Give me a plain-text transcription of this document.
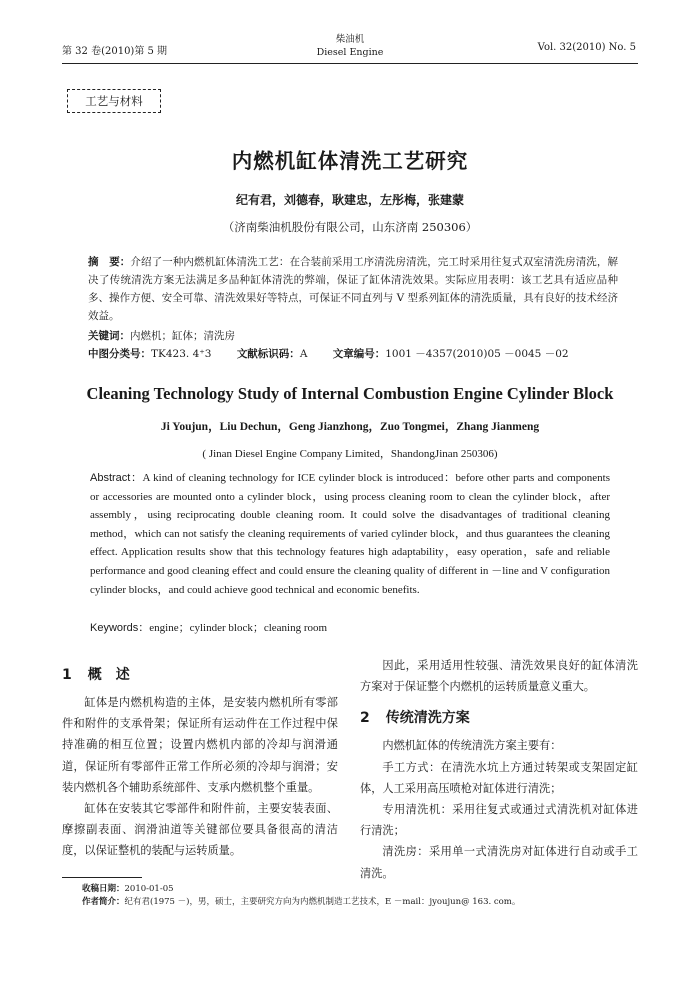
第 32 卷(2010)第 5 期
柴油机
Diesel Engine	Vol. 32(2010) No. 5
工艺与材料
内燃机缸体清洗工艺研究
纪有君，刘德春，耿建忠，左彤梅，张建蒙
（济南柴油机股份有限公司，山东济南 250306）
摘　要：介绍了一种内燃机缸体清洗工艺：在合装前采用工序清洗房清洗，完工时采用往复式双室清洗房清洗，解决了传统清洗方案无法满足多品种缸体清洗的弊端，保证了缸体清洗效果。实际应用表明：该工艺具有适应品种多、操作方便、安全可靠、清洗效果好等特点，可保证不同直列与 V 型系列缸体的清洗质量，具有良好的技术经济效益。
关键词：内燃机；缸体；清洗房
中图分类号：TK423. 4⁺3 文献标识码：A 文章编号：1001 －4357(2010)05 －0045 －02
Cleaning Technology Study of Internal Combustion Engine Cylinder Block
Ji Youjun，Liu Dechun，Geng Jianzhong，Zuo Tongmei，Zhang Jianmeng
( Jinan Diesel Engine Company Limited，ShandongJinan 250306)
Abstract：A kind of cleaning technology for ICE cylinder block is introduced：before other parts and components or accessories are mounted onto a cylinder block，using process cleaning room to clean the cylinder block，after assembly，using reciprocating double cleaning room. It could solve the disadvantages of traditional cleaning method，which can not satisfy the cleaning requirements of varied cylinder block，and thus guarantees the cleaning effect. Application results show that this technology features high adaptability，easy operation，safe and reliable performance and good cleaning effect and could ensure the cleaning quality of different in －line and V configuration cylinder blocks，and could achieve good technical and economic benefits.
Keywords：engine；cylinder block；cleaning room
1 概　述
缸体是内燃机构造的主体，是安装内燃机所有零部件和附件的支承骨架；保证所有运动件在工作过程中保持准确的相互位置；设置内燃机内部的冷却与润滑通道，保证所有零部件正常工作所必须的冷却与润滑；安装内燃机各个辅助系统部件、支承内燃机整个重量。
缸体在安装其它零部件和附件前，主要安装表面、摩擦副表面、润滑油道等关键部位要具备很高的清洁度，以保证整机的装配与运转质量。
因此，采用适用性较强、清洗效果良好的缸体清洗方案对于保证整个内燃机的运转质量意义重大。
2 传统清洗方案
内燃机缸体的传统清洗方案主要有：
手工方式：在清洗水坑上方通过转架或支架固定缸体，人工采用高压喷枪对缸体进行清洗；
专用清洗机：采用往复式或通过式清洗机对缸体进行清洗；
清洗房：采用单一式清洗房对缸体进行自动或手工清洗。
收稿日期：2010-01-05
作者简介：纪有君(1975 －)，男，硕士，主要研究方向为内燃机制造工艺技术，E －mail：jyoujun@ 163. com。
